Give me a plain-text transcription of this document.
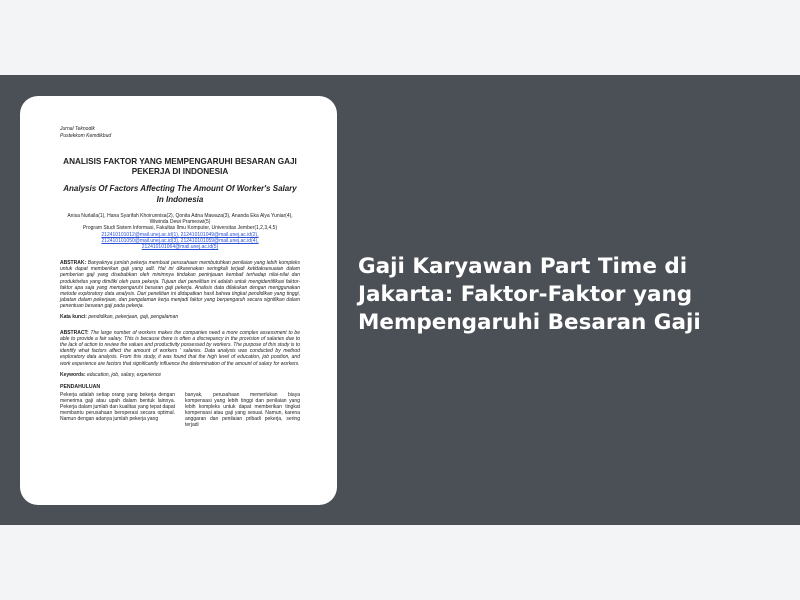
Jurnal Teknodik
Pustekkom Kemdikbud
ANALISIS FAKTOR YANG MEMPENGARUHI BESARAN GAJI PEKERJA DI INDONESIA
Analysis Of Factors Affecting The Amount Of Worker's Salary In Indonesia
Anisa Nurlaila(1), Hana Syarifah Khoirunnisa(2), Qonita Adna Mawaza(3), Ananda Eka Alya Yuniar(4), Wiwinda Dewi Prameswi(5)
Program Studi Sistem Informasi, Fakultas Ilmu Komputer, Universitas Jember(1,2,3,4,5)
212410101012@mail.unej.ac.id(1), 212410101049@mail.unej.ac.id(2),
212410101050@mail.unej.ac.id(3), 212410101059@mail.unej.ac.id(4),
212410101064@mail.unej.ac.id(5)
ABSTRAK: Banyaknya jumlah pekerja membuat perusahaan membutuhkan penilaian yang lebih kompleks untuk dapat memberikan gaji yang adil. Hal ini dikarenakan seringkali terjadi ketidaksesuaian dalam pemberian gaji yang disebabkan oleh minimnya tindakan peninjauan kembali terhadap nilai-nilai dan produktivitas yang dimiliki oleh para pekerja. Tujuan dari penelitian ini adalah untuk mengidentifikasi faktor-faktor apa saja yang mempengaruhi besaran gaji pekerja. Analisis data dilakukan dengan menggunakan metode exploratory data analysis. Dari penelitian ini didapatkan hasil bahwa tingkat pendidikan yang tinggi, jabatan dalam pekerjaan, dan pengalaman kerja menjadi faktor yang berpengaruh secara signifikan dalam penentuan besaran gaji pada pekerja.
Kata kunci: pendidikan, pekerjaan, gaji, pengalaman
ABSTRACT: The large number of workers makes the companies need a more complex assessment to be able to provide a fair salary. This is because there is often a discrepancy in the provision of salaries due to the lack of action to review the values and productivity possessed by workers. The purpose of this study is to identify what factors affect the amount of workers ' salaries. Data analysis was conducted by method exploratory data analysis. From this study, it was found that the high level of education, job position, and work experience are factors that significantly influence the determination of the amount of salary for workers.
Keywords: education, job, salary, experience
PENDAHULUAN
Pekerja adalah setiap orang yang bekerja dengan menerima gaji atau upah dalam bentuk lainnya. Pekerja dalam jumlah dan kualitas yang tepat dapat membantu perusahaan beroperasi secara optimal. Namun dengan adanya jumlah pekerja yang
banyak, perusahaan memerlukan biaya kompensasi yang lebih tinggi dan penilaian yang lebih kompleks untuk dapat memberikan tingkat kompensasi atau gaji yang sesuai. Namun, karena anggaran dan penilaian pribadi pekerja, sering terjadi
Gaji Karyawan Part Time di Jakarta: Faktor-Faktor yang Mempengaruhi Besaran Gaji
